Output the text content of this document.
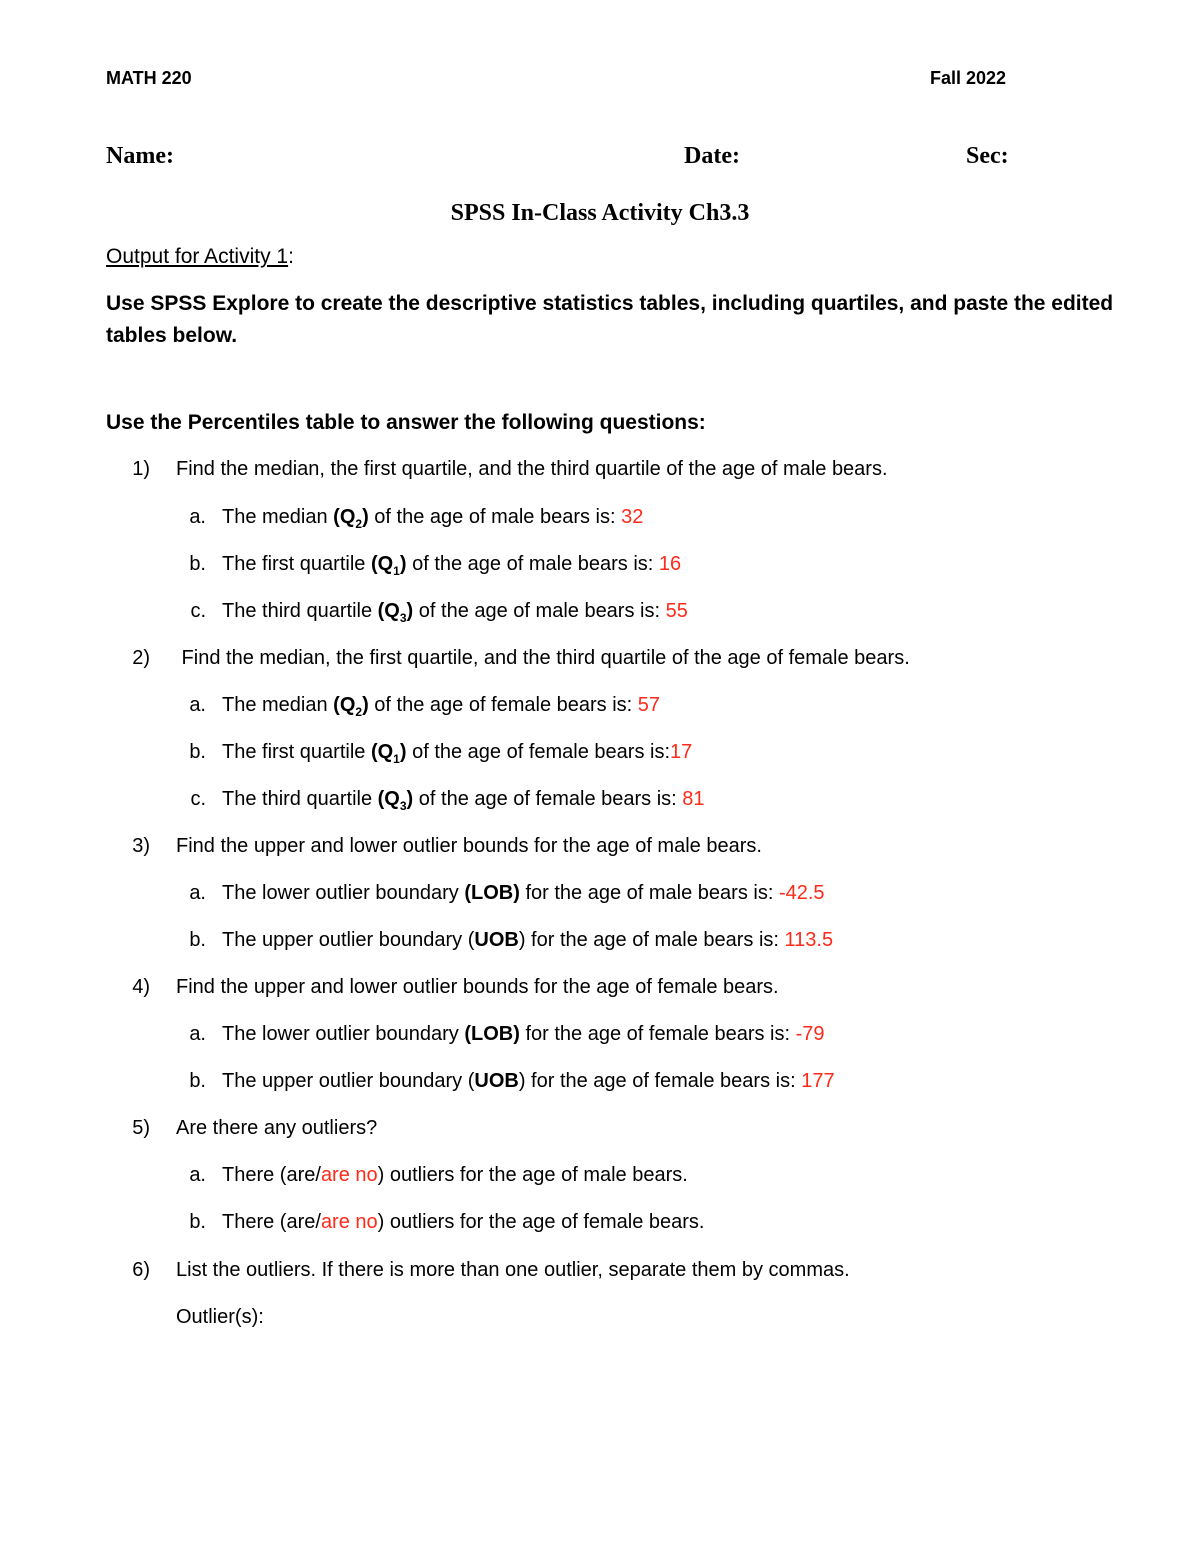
MATH 220	Fall 2022
Name:	Date:	Sec:
SPSS In-Class Activity Ch3.3
Output for Activity 1:
Use SPSS Explore to create the descriptive statistics tables, including quartiles, and paste the edited
tables below.
Use the Percentiles table to answer the following questions:
1) Find the median, the first quartile, and the third quartile of the age of male bears.
a. The median $(Q_2)$ of the age of male bears is: 32
b. The first quartile $(Q_1)$ of the age of male bears is: 16
c. The third quartile $(Q_3)$ of the age of male bears is: 55
2) Find the median, the first quartile, and the third quartile of the age of female bears.
a. The median $(Q_2)$ of the age of female bears is: 57
b. The first quartile $(Q_1)$ of the age of female bears is:17
c. The third quartile $(Q_3)$ of the age of female bears is: 81
3) Find the upper and lower outlier bounds for the age of male bears.
a. The lower outlier boundary (LOB) for the age of male bears is: -42.5
b. The upper outlier boundary (UOB) for the age of male bears is: 113.5
4) Find the upper and lower outlier bounds for the age of female bears.
a. The lower outlier boundary (LOB) for the age of female bears is: -79
b. The upper outlier boundary (UOB) for the age of female bears is: 177
5) Are there any outliers?
a. There (are/are no) outliers for the age of male bears.
b. There (are/are no) outliers for the age of female bears.
6) List the outliers. If there is more than one outlier, separate them by commas.
Outlier(s):
